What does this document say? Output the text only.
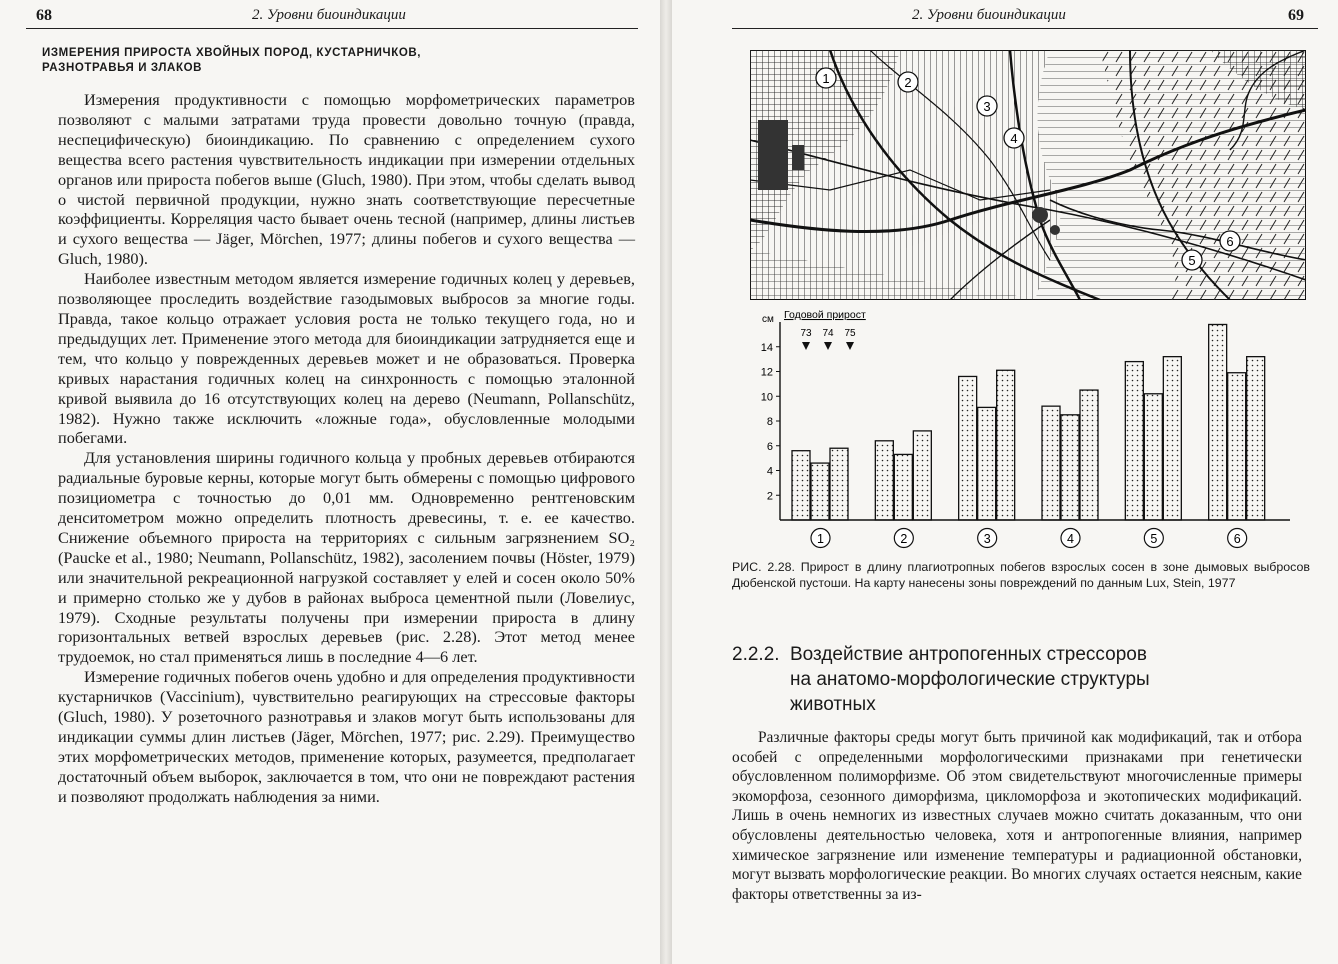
68	2. Уровни биоиндикации
ИЗМЕРЕНИЯ ПРИРОСТА ХВОЙНЫХ ПОРОД, КУСТАРНИЧКОВ,
РАЗНОТРАВЬЯ И ЗЛАКОВ

Измерения продуктивности с помощью морфометрических параметров позволяют с малыми затратами труда провести довольно точную (правда, неспецифическую) биоиндикацию. По сравнению с определением сухого вещества всего растения чувствительность индикации при измерении отдельных органов или прироста побегов выше (Gluch, 1980). При этом, чтобы сделать вывод о чистой первичной продукции, нужно знать соответствующие пересчетные коэффициенты. Корреляция часто бывает очень тесной (например, длины листьев и сухого вещества — Jäger, Mörchen, 1977; длины побегов и сухого вещества — Gluch, 1980).

Наиболее известным методом является измерение годичных колец у деревьев, позволяющее проследить воздействие газодымовых выбросов за многие годы. Правда, такое кольцо отражает условия роста не только текущего года, но и предыдущих лет. Применение этого метода для биоиндикации затрудняется еще и тем, что кольцо у поврежденных деревьев может и не образоваться. Проверка кривых нарастания годичных колец на синхронность с помощью эталонной кривой выявила до 16 отсутствующих колец на дерево (Neumann, Pollanschütz, 1982). Нужно также исключить «ложные года», обусловленные молодыми побегами.

Для установления ширины годичного кольца у пробных деревьев отбираются радиальные буровые керны, которые могут быть обмерены с помощью цифрового позициометра с точностью до 0,01 мм. Одновременно рентгеновским денситометром можно определить плотность древесины, т. е. ее качество. Снижение объемного прироста на территориях с сильным загрязнением SO₂ (Paucke et al., 1980; Neumann, Pollanschütz, 1982), засолением почвы (Höster, 1979) или значительной рекреационной нагрузкой составляет у елей и сосен около 50% и примерно столько же у дубов в районах выброса цементной пыли (Ловелиус, 1979). Сходные результаты получены при измерении прироста в длину горизонтальных ветвей взрослых деревьев (рис. 2.28). Этот метод менее трудоемок, но стал применяться лишь в последние 4—6 лет.

Измерение годичных побегов очень удобно и для определения продуктивности кустарничков (Vaccinium), чувствительно реагирующих на стрессовые факторы (Gluch, 1980). У розеточного разнотравья и злаков могут быть использованы для индикации суммы длин листьев (Jäger, Mörchen, 1977; рис. 2.29). Преимущество этих морфометрических методов, применение которых, разумеется, предполагает достаточный объем выборок, заключается в том, что они не повреждают растения и позволяют продолжать наблюдения за ними.

2. Уровни биоиндикации	69
1	2
3
4
5
6
см Годовой прирост
2
4
6
8
10
12
14
73 74 75
1	2	3	4	5	6

РИС. 2.28. Прирост в длину плагиотропных побегов взрослых сосен в зоне дымовых выбросов Дюбенской пустоши. На карту нанесены зоны повреждений по данным Lux, Stein, 1977

2.2.2. Воздействие антропогенных стрессоров
на анатомо-морфологические структуры
животных

Различные факторы среды могут быть причиной как модификаций, так и отбора особей с определенными морфологическими признаками при генетически обусловленном полиморфизме. Об этом свидетельствуют многочисленные примеры экоморфоза, сезонного диморфизма, цикломорфоза и экотопических модификаций. Лишь в очень немногих из известных случаев можно считать доказанным, что они обусловлены деятельностью человека, хотя и антропогенные влияния, например химическое загрязнение или изменение температуры и радиационной обстановки, могут вызвать морфологические реакции. Во многих случаях остается неясным, какие факторы ответственны за из-
